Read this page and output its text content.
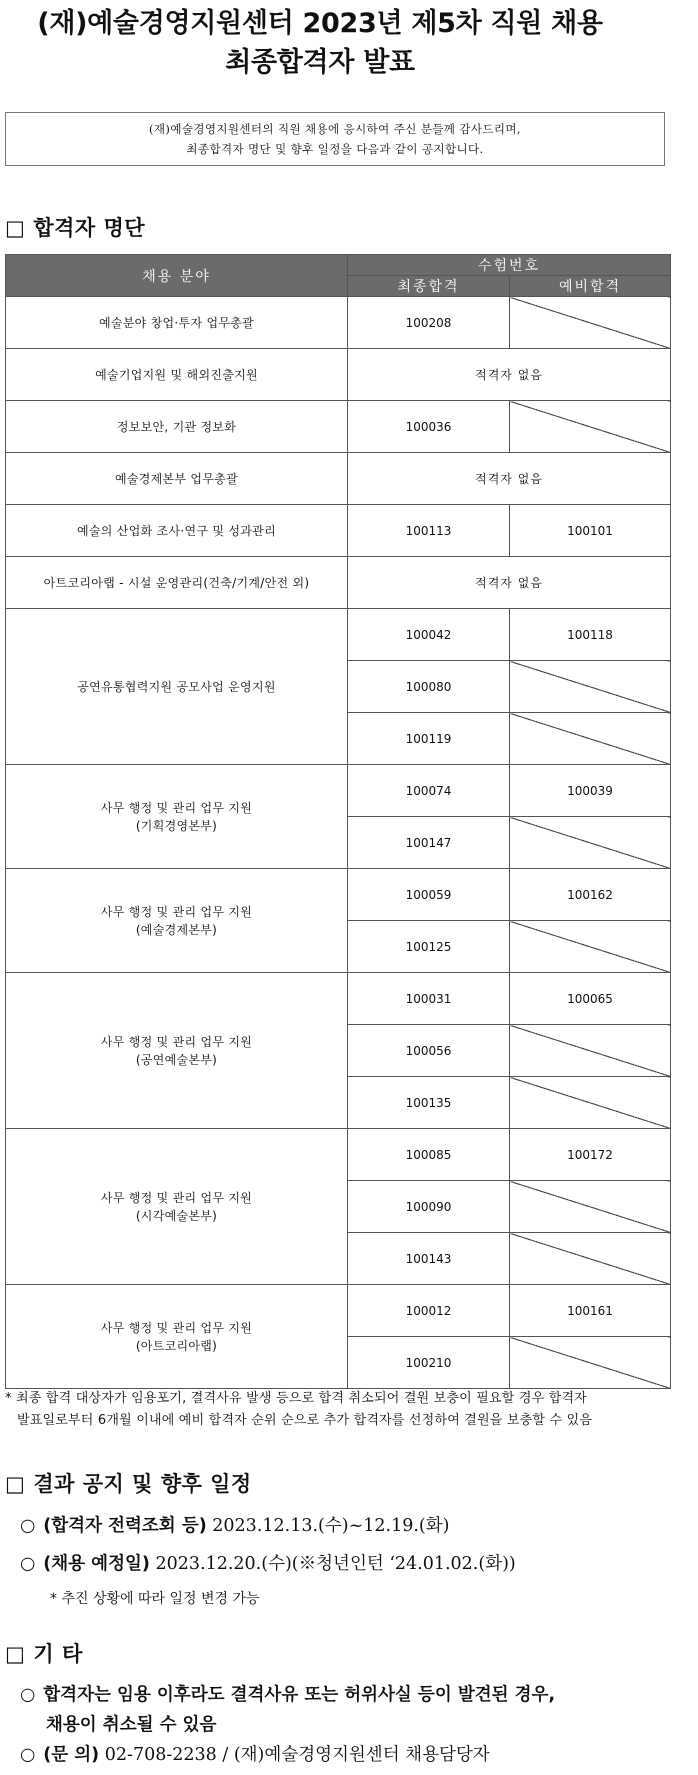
(재)예술경영지원센터 2023년 제5차 직원 채용
최종합격자 발표
(재)예술경영지원센터의 직원 채용에 응시하여 주신 분들께 감사드리며,
최종합격자 명단 및 향후 일정을 다음과 같이 공지합니다.
□ 합격자 명단
채용 분야	수험번호	
	최종합격	예비합격
예술분야 창업·투자 업무총괄	100208	
예술기업지원 및 해외진출지원	적격자 없음	
정보보안, 기관 정보화	100036	
예술경제본부 업무총괄	적격자 없음	
예술의 산업화 조사·연구 및 성과관리	100113	100101
아트코리아랩 - 시설 운영관리(건축/기계/안전 외)	적격자 없음	

공연유통협력지원 공모사업 운영지원	100042	100118
	100080	
	100119	

사무 행정 및 관리 업무 지원
(기획경영본부)	100074	100039
	100147	

사무 행정 및 관리 업무 지원
(예술경제본부)	100059	100162
	100125	

사무 행정 및 관리 업무 지원
(공연예술본부)	100031	100065
	100056	
	100135	

사무 행정 및 관리 업무 지원
(시각예술본부)	100085	100172
	100090	
	100143	

사무 행정 및 관리 업무 지원
(아트코리아랩)	100012	100161
	100210	
* 최종 합격 대상자가 임용포기, 결격사유 발생 등으로 합격 취소되어 결원 보충이 필요할 경우 합격자
발표일로부터 6개월 이내에 예비 합격자 순위 순으로 추가 합격자를 선정하여 결원을 보충할 수 있음
□ 결과 공지 및 향후 일정
○ (합격자 전력조회 등) 2023.12.13.(수)~12.19.(화)
○ (채용 예정일) 2023.12.20.(수)(※청년인턴 ‘24.01.02.(화))
* 추진 상황에 따라 일정 변경 가능
□ 기 타
○ 합격자는 임용 이후라도 결격사유 또는 허위사실 등이 발견된 경우,
채용이 취소될 수 있음
○ (문 의) 02-708-2238 / (재)예술경영지원센터 채용담당자
